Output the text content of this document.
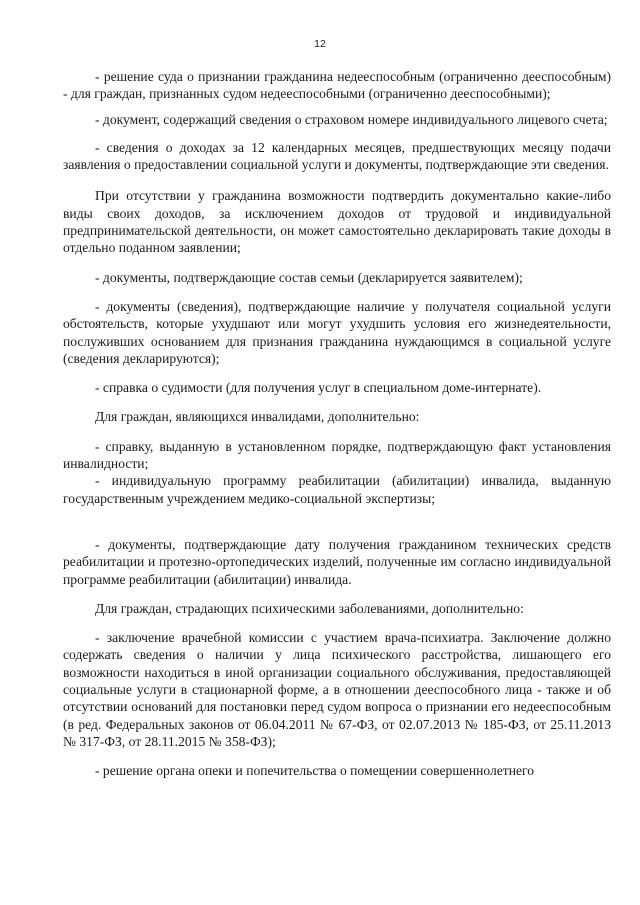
12

- решение суда о признании гражданина недееспособным (ограниченно дееспособным) - для граждан, признанных судом недееспособными (ограниченно дееспособными);

- документ, содержащий сведения о страховом номере индивидуального лицевого счета;

- сведения о доходах за 12 календарных месяцев, предшествующих месяцу подачи заявления о предоставлении социальной услуги и документы, подтверждающие эти сведения.

При отсутствии у гражданина возможности подтвердить документально какие-либо виды своих доходов, за исключением доходов от трудовой и индивидуальной предпринимательской деятельности, он может самостоятельно декларировать такие доходы в отдельно поданном заявлении;

- документы, подтверждающие состав семьи (декларируется заявителем);

- документы (сведения), подтверждающие наличие у получателя социальной услуги обстоятельств, которые ухудшают или могут ухудшить условия его жизнедеятельности, послуживших основанием для признания гражданина нуждающимся в социальной услуге (сведения декларируются);

- справка о судимости (для получения услуг в специальном доме-интернате).

Для граждан, являющихся инвалидами, дополнительно:

- справку, выданную в установленном порядке, подтверждающую факт установления инвалидности;

- индивидуальную программу реабилитации (абилитации) инвалида, выданную государственным учреждением медико-социальной экспертизы;

- документы, подтверждающие дату получения гражданином технических средств реабилитации и протезно-ортопедических изделий, полученные им согласно индивидуальной программе реабилитации (абилитации) инвалида.

Для граждан, страдающих психическими заболеваниями, дополнительно:

- заключение врачебной комиссии с участием врача-психиатра. Заключение должно содержать сведения о наличии у лица психического расстройства, лишающего его возможности находиться в иной организации социального обслуживания, предоставляющей социальные услуги в стационарной форме, а в отношении дееспособного лица - также и об отсутствии оснований для постановки перед судом вопроса о признании его недееспособным (в ред. Федеральных законов от 06.04.2011 № 67-ФЗ, от 02.07.2013 № 185-ФЗ, от 25.11.2013 № 317-ФЗ, от 28.11.2015 № 358-ФЗ);

- решение органа опеки и попечительства о помещении совершеннолетнего
